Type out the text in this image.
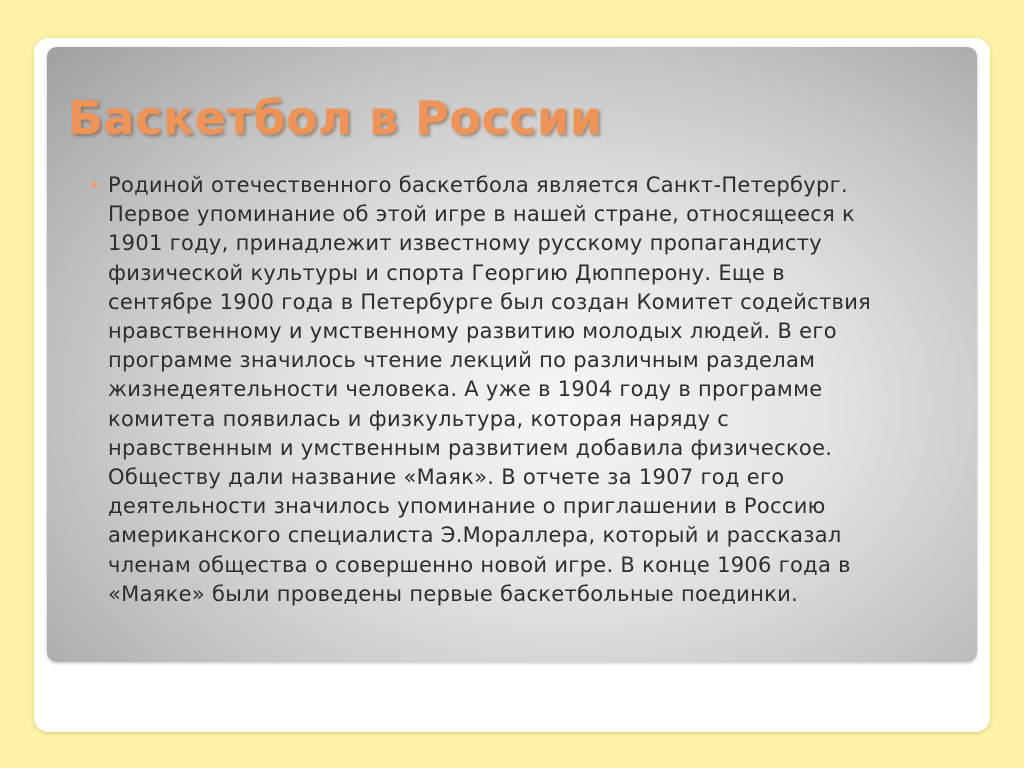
Баскетбол в России
• Родиной отечественного баскетбола является Санкт-Петербург.
Первое упоминание об этой игре в нашей стране, относящееся к
1901 году, принадлежит известному русскому пропагандисту
физической культуры и спорта Георгию Дюпперону. Еще в
сентябре 1900 года в Петербурге был создан Комитет содействия
нравственному и умственному развитию молодых людей. В его
программе значилось чтение лекций по различным разделам
жизнедеятельности человека. А уже в 1904 году в программе
комитета появилась и физкультура, которая наряду с
нравственным и умственным развитием добавила физическое.
Обществу дали название «Маяк». В отчете за 1907 год его
деятельности значилось упоминание о приглашении в Россию
американского специалиста Э.Мораллера, который и рассказал
членам общества о совершенно новой игре. В конце 1906 года в
«Маяке» были проведены первые баскетбольные поединки.
